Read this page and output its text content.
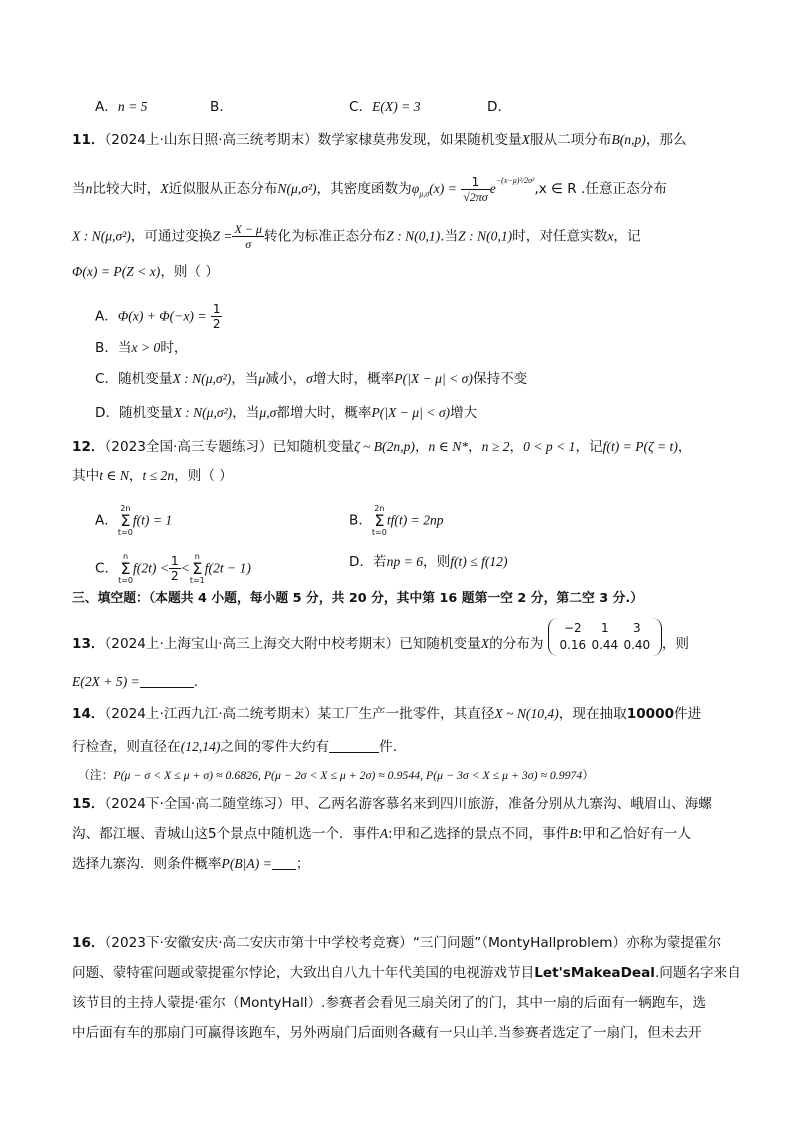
A．n = 5	B．	C．E(X) = 3	D．
11．（2024上·山东日照·高三统考期末）数学家棣莫弗发现，如果随机变量X服从二项分布B(n,p)，那么
当n比较大时，X近似服从正态分布N(μ,σ²)，其密度函数为$\varphi_{\mu,\sigma}(x) = \frac{1}{√2\pi\sigma} e^{-(x-\mu)^2/2\sigma^2},x$ ∈ R .任意正态分布
X : N(μ,σ²)，可通过变换$Z = \frac{X - \mu}{\sigma}$ 转化为标准正态分布Z : N(0,1).当Z : N(0,1)时，对任意实数x，记
Φ(x) = P(Z < x)，则（ ）
A．$\Phi(x) + \Phi(-x) = \frac{1}{2}$
B．当x > 0时，
C．随机变量X : N(μ,σ²)，当μ减小，σ增大时，概率P(|X − μ| < σ)保持不变
D．随机变量X : N(μ,σ²)，当μ,σ都增大时，概率P(|X − μ| < σ)增大
12．（2023全国·高三专题练习）已知随机变量ζ ~ B(2n,p)，n ∈ N*，n ≥ 2，0 < p < 1，记f(t) = P(ζ = t)，
其中t ∈ N，t ≤ 2n，则（ ）
A．2n
Σ
t=0f(t) = 1	B．2n
Σ
t=0tf(t) = 2np
C．n
Σ
$t=0f(2t) < \frac{1}{2} <n$
Σ
t=1f(2t − 1)	D．若np = 6，则f(t) ≤ f(12)
三、填空题：（本题共 4 小题，每小题 5 分，共 20 分，其中第 16 题第一空 2 分，第二空 3 分.）
13．（2024上·上海宝山·高三上海交大附中校考期末）已知随机变量X的分布为 −2 1 3
0.16 0.44 0.40 ，则
E(2X + 5) =	.
14．（2024上·江西九江·高二统考期末）某工厂生产一批零件，其直径X ~ N(10,4)，现在抽取10000件进
行检查，则直径在(12,14)之间的零件大约有	件.
（注：P(μ − σ < X ≤ μ + σ) ≈ 0.6826, P(μ − 2σ < X ≤ μ + 2σ) ≈ 0.9544, P(μ − 3σ < X ≤ μ + 3σ) ≈ 0.9974）
15．（2024下·全国·高二随堂练习）甲、乙两名游客慕名来到四川旅游，准备分别从九寨沟、峨眉山、海螺
沟、都江堰、青城山这5个景点中随机选一个．事件A:甲和乙选择的景点不同，事件B:甲和乙恰好有一人
选择九寨沟．则条件概率P(B|A) = ；
16．（2023下·安徽安庆·高二安庆市第十中学校考竞赛）“三门问题”（MontyHallproblem）亦称为蒙提霍尔
问题、蒙特霍问题或蒙提霍尔悖论，大致出自八九十年代美国的电视游戏节目Let'sMakeaDeal.问题名字来自
该节目的主持人蒙提·霍尔（MontyHall）.参赛者会看见三扇关闭了的门，其中一扇的后面有一辆跑车，选
中后面有车的那扇门可赢得该跑车，另外两扇门后面则各藏有一只山羊.当参赛者选定了一扇门，但未去开
